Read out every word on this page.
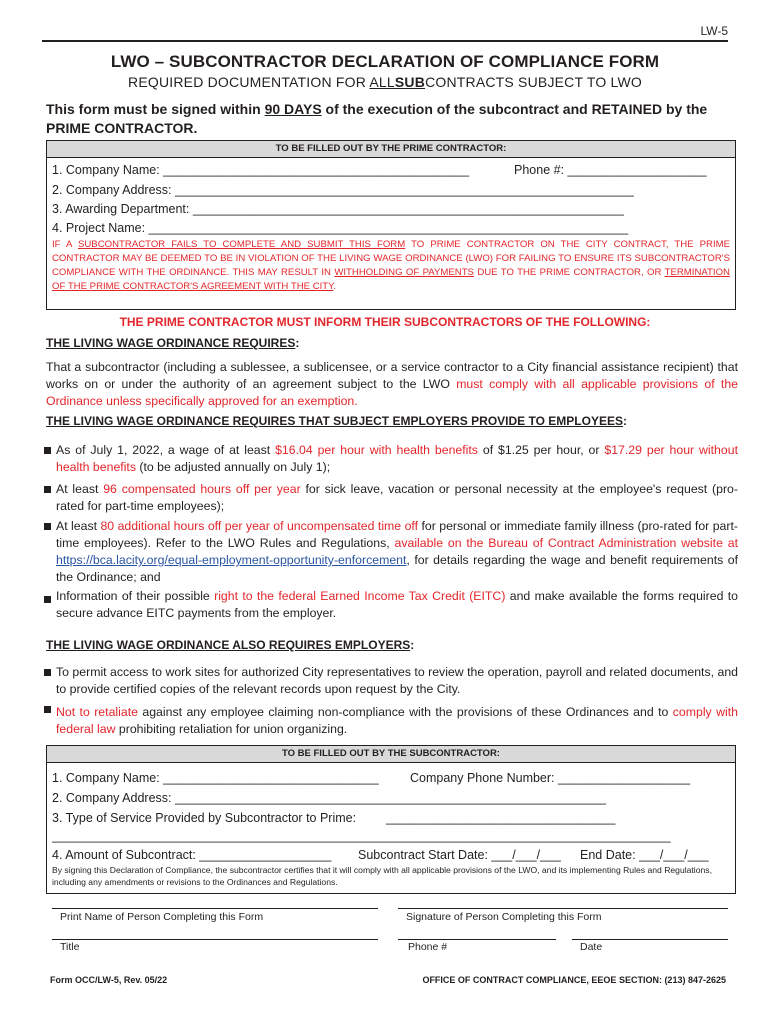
LW-5
LWO – SUBCONTRACTOR DECLARATION OF COMPLIANCE FORM
REQUIRED DOCUMENTATION FOR ALLSUBCONTRACTS SUBJECT TO LWO
This form must be signed within 90 DAYS of the execution of the subcontract and RETAINED by the PRIME CONTRACTOR.
TO BE FILLED OUT BY THE PRIME CONTRACTOR:
1. Company Name: ____________________________________________	Phone #: ____________________
2. Company Address: __________________________________________________________________
3. Awarding Department: ______________________________________________________________
4. Project Name: _____________________________________________________________________
IF A SUBCONTRACTOR FAILS TO COMPLETE AND SUBMIT THIS FORM TO PRIME CONTRACTOR ON THE CITY CONTRACT, THE PRIME CONTRACTOR MAY BE DEEMED TO BE IN VIOLATION OF THE LIVING WAGE ORDINANCE (LWO) FOR FAILING TO ENSURE ITS SUBCONTRACTOR'S COMPLIANCE WITH THE ORDINANCE. THIS MAY RESULT IN WITHHOLDING OF PAYMENTS DUE TO THE PRIME CONTRACTOR, OR TERMINATION OF THE PRIME CONTRACTOR'S AGREEMENT WITH THE CITY.
THE PRIME CONTRACTOR MUST INFORM THEIR SUBCONTRACTORS OF THE FOLLOWING:
THE LIVING WAGE ORDINANCE REQUIRES:
That a subcontractor (including a sublessee, a sublicensee, or a service contractor to a City financial assistance recipient) that works on or under the authority of an agreement subject to the LWO must comply with all applicable provisions of the Ordinance unless specifically approved for an exemption.
THE LIVING WAGE ORDINANCE REQUIRES THAT SUBJECT EMPLOYERS PROVIDE TO EMPLOYEES:
As of July 1, 2022, a wage of at least $16.04 per hour with health benefits of $1.25 per hour, or $17.29 per hour without health benefits (to be adjusted annually on July 1);
At least 96 compensated hours off per year for sick leave, vacation or personal necessity at the employee's request (pro-rated for part-time employees);
At least 80 additional hours off per year of uncompensated time off for personal or immediate family illness (pro-rated for part-time employees). Refer to the LWO Rules and Regulations, available on the Bureau of Contract Administration website at https://bca.lacity.org/equal-employment-opportunity-enforcement, for details regarding the wage and benefit requirements of the Ordinance; and
Information of their possible right to the federal Earned Income Tax Credit (EITC) and make available the forms required to secure advance EITC payments from the employer.
THE LIVING WAGE ORDINANCE ALSO REQUIRES EMPLOYERS:
To permit access to work sites for authorized City representatives to review the operation, payroll and related documents, and to provide certified copies of the relevant records upon request by the City.
Not to retaliate against any employee claiming non-compliance with the provisions of these Ordinances and to comply with federal law prohibiting retaliation for union organizing.
TO BE FILLED OUT BY THE SUBCONTRACTOR:
1. Company Name: _______________________________	Company Phone Number: ___________________
2. Company Address: ______________________________________________________________
3. Type of Service Provided by Subcontractor to Prime: _________________________________
_________________________________________________________________________________________
4. Amount of Subcontract: ___________________ Subcontract Start Date: ___/___/___ End Date: ___/___/___
By signing this Declaration of Compliance, the subcontractor certifies that it will comply with all applicable provisions of the LWO, and its implementing Rules and Regulations, including any amendments or revisions to the Ordinances and Regulations.
Print Name of Person Completing this Form	Signature of Person Completing this Form
Title	Phone #	Date
Form OCC/LW-5, Rev. 05/22	OFFICE OF CONTRACT COMPLIANCE, EEOE SECTION: (213) 847-2625
